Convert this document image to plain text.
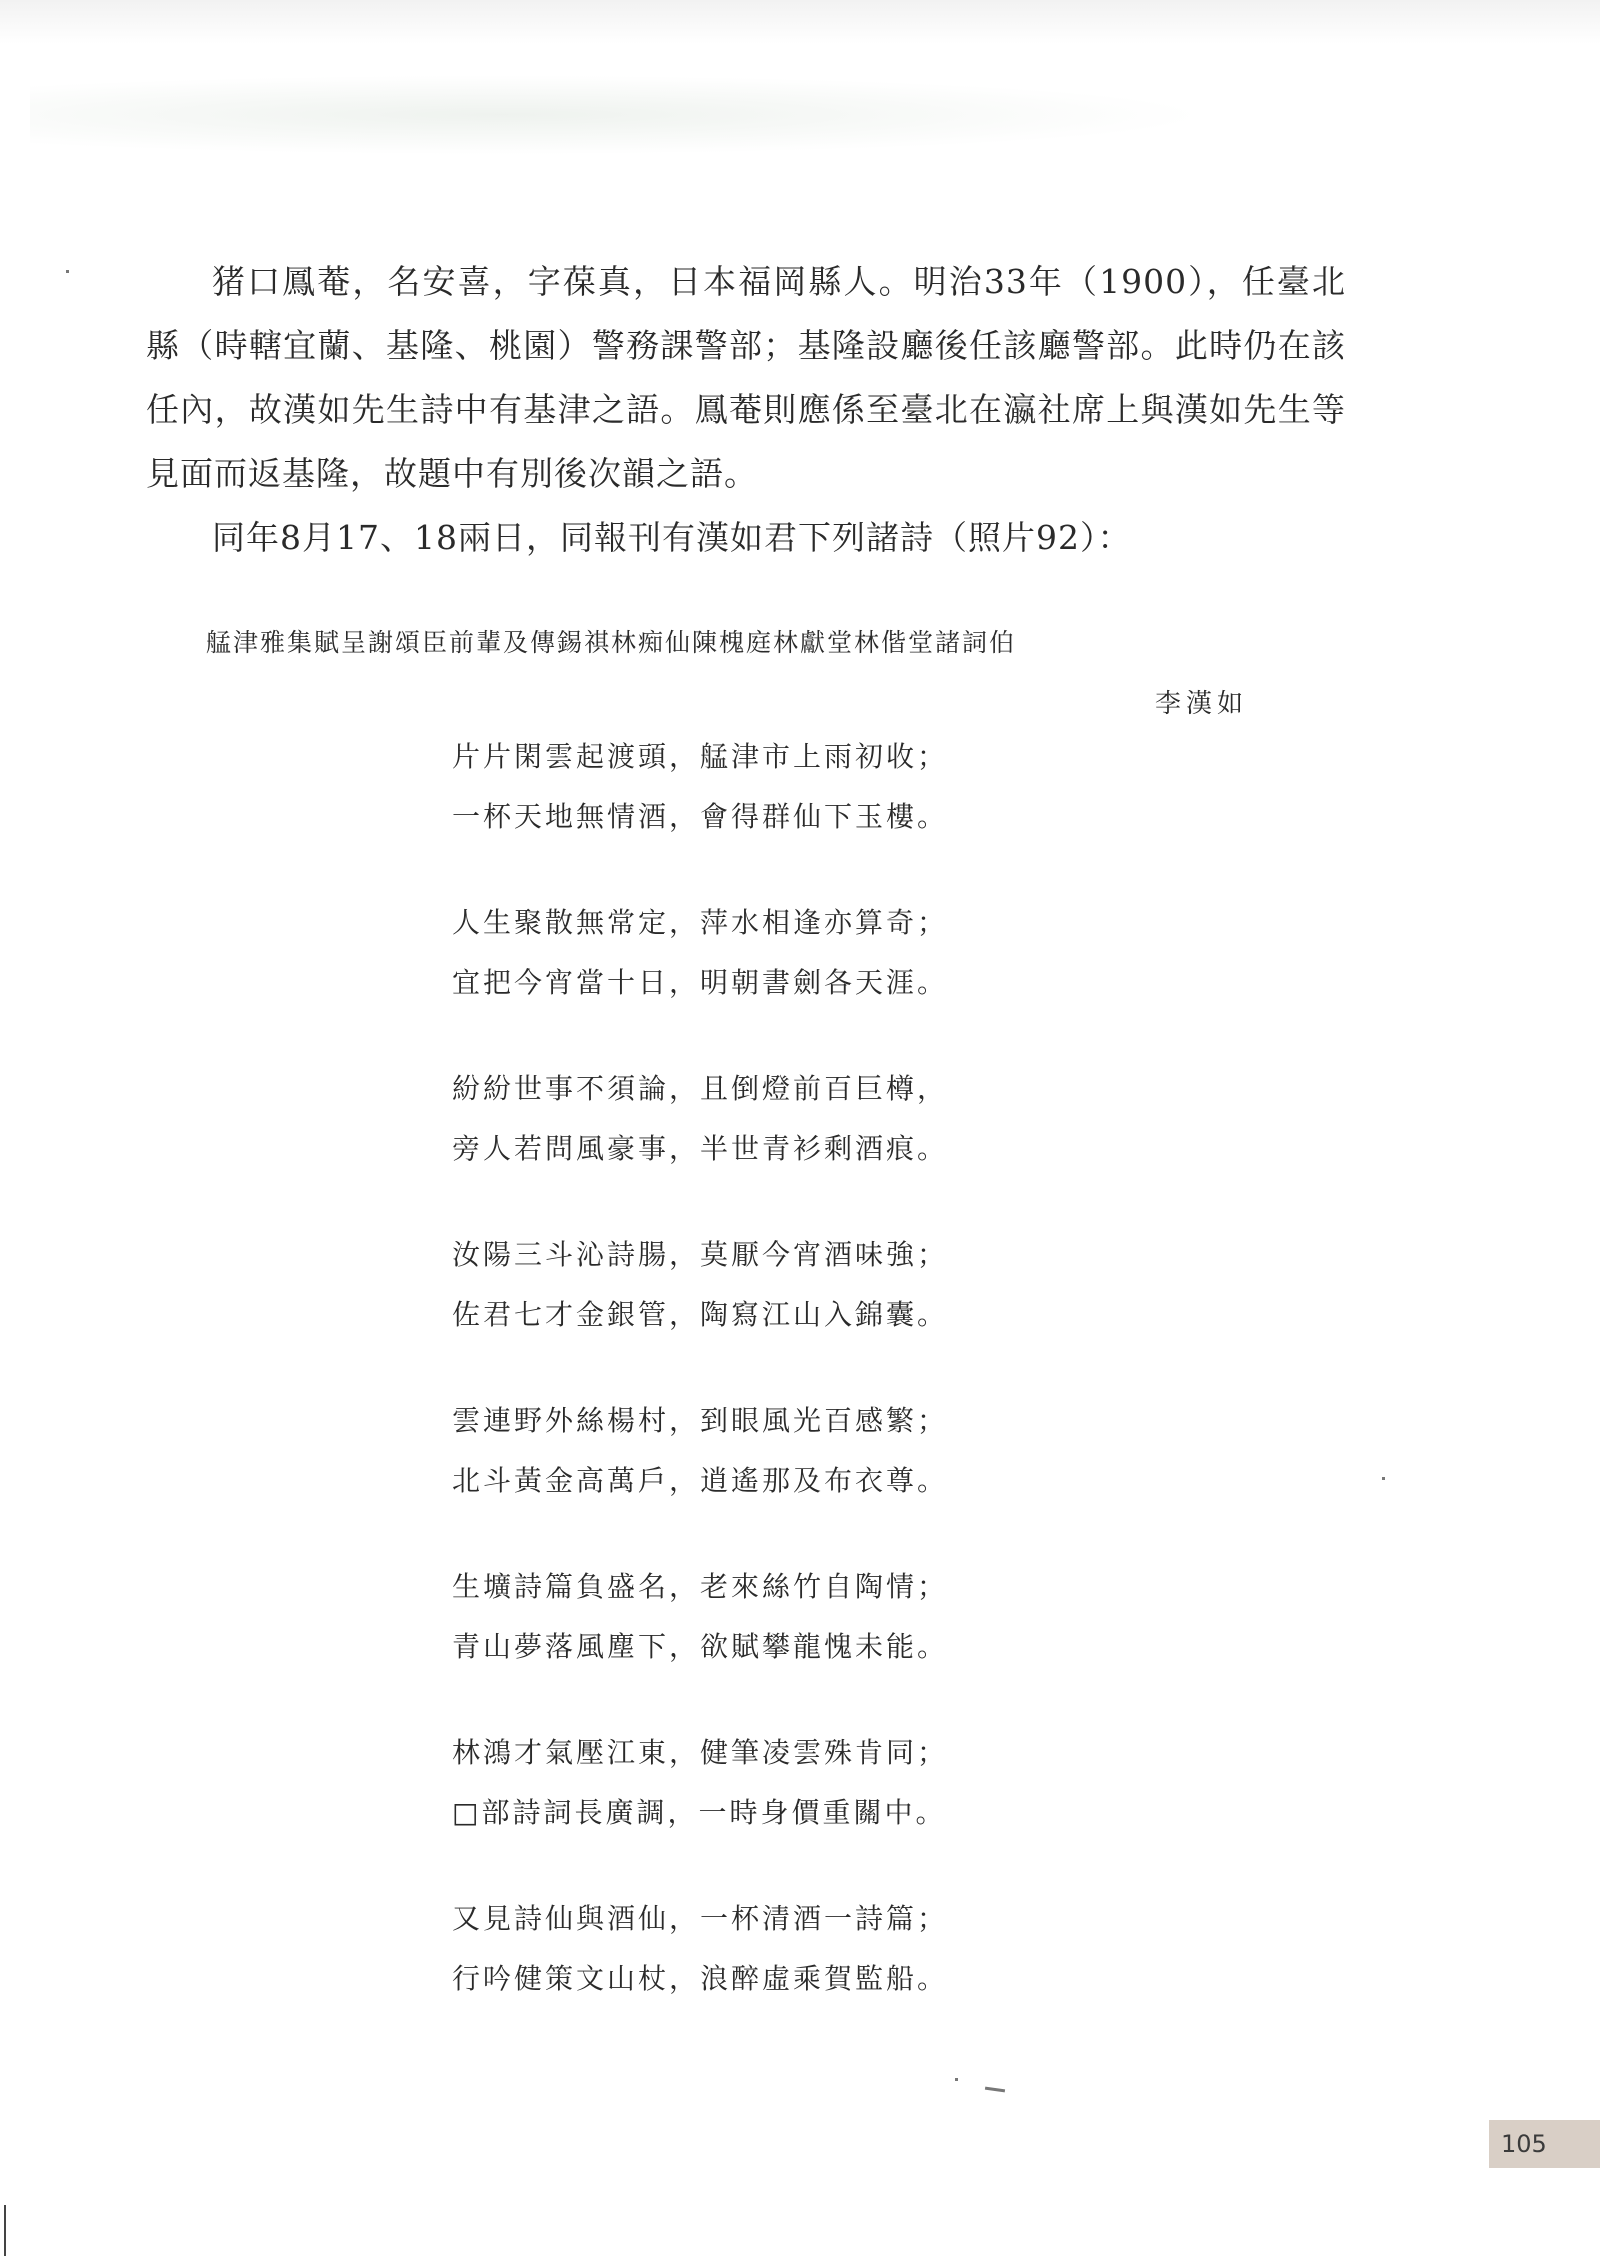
猪口鳳菴，名安喜，字葆真，日本福岡縣人。明治33年（1900），任臺北縣（時轄宜蘭、基隆、桃園）警務課警部；基隆設廳後任該廳警部。此時仍在該任內，故漢如先生詩中有基津之語。鳳菴則應係至臺北在瀛社席上與漢如先生等見面而返基隆，故題中有別後次韻之語。

同年8月17、18兩日，同報刊有漢如君下列諸詩（照片92）：

艋津雅集賦呈謝頌臣前輩及傳錫祺林痴仙陳槐庭林獻堂林偕堂諸詞伯
李漢如
片片閑雲起渡頭，艋津市上雨初收；
一杯天地無情酒，會得群仙下玉樓。
人生聚散無常定，萍水相逢亦算奇；
宜把今宵當十日，明朝書劍各天涯。
紛紛世事不須論，且倒燈前百巨樽，
旁人若問風豪事，半世青衫剩酒痕。
汝陽三斗沁詩腸，莫厭今宵酒味強；
佐君七才金銀管，陶寫江山入錦囊。
雲連野外絲楊村，到眼風光百感繁；
北斗黃金高萬戶，逍遙那及布衣尊。
生壙詩篇負盛名，老來絲竹自陶情；
青山夢落風塵下，欲賦攀龍愧未能。
林鴻才氣壓江東，健筆凌雲殊肯同；
□部詩詞長廣調，一時身價重關中。
又見詩仙與酒仙，一杯清酒一詩篇；
行吟健策文山杖，浪醉虛乘賀監船。
105
